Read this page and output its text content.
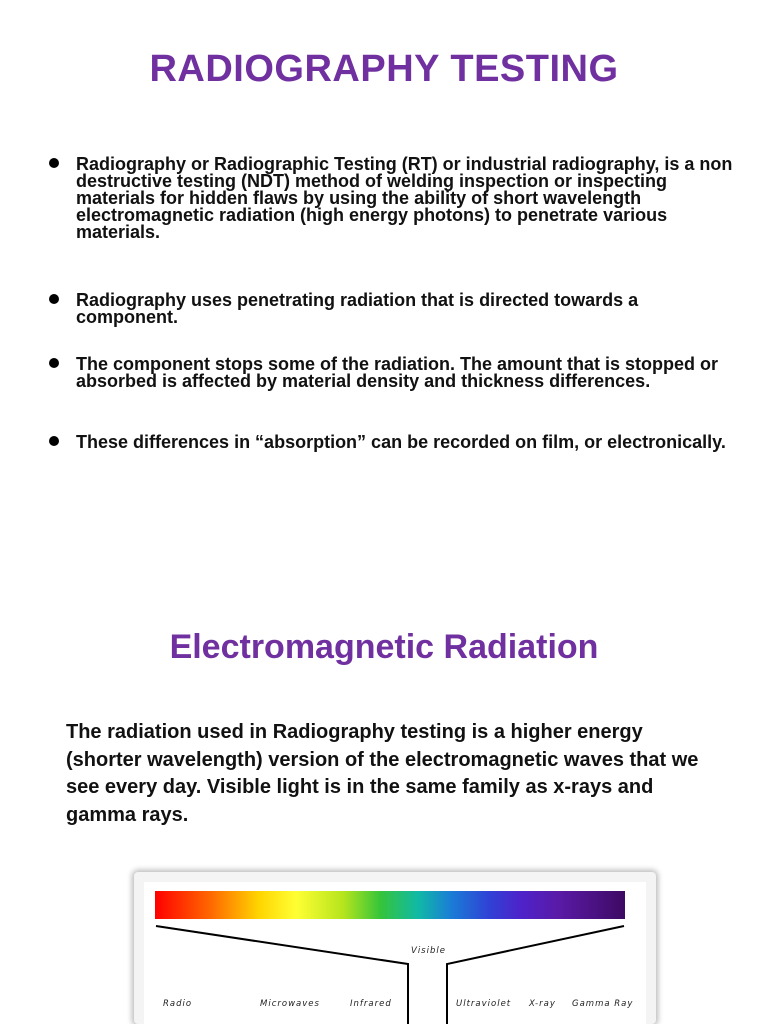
RADIOGRAPHY TESTING
Radiography or Radiographic Testing (RT) or industrial radiography, is a non destructive testing (NDT) method of welding inspection or inspecting materials for hidden flaws by using the ability of short wavelength electromagnetic radiation (high energy photons) to penetrate various materials.
Radiography uses penetrating radiation that is directed towards a component.
The component stops some of the radiation. The amount that is stopped or absorbed is affected by material density and thickness differences.
These differences in “absorption” can be recorded on film, or electronically.
Electromagnetic Radiation

The radiation used in Radiography testing is a higher energy (shorter wavelength) version of the electromagnetic waves that we see every day. Visible light is in the same family as x-rays and gamma rays.

Visible
Radio	Microwaves	Infrared	Ultraviolet X-ray Gamma Ray
